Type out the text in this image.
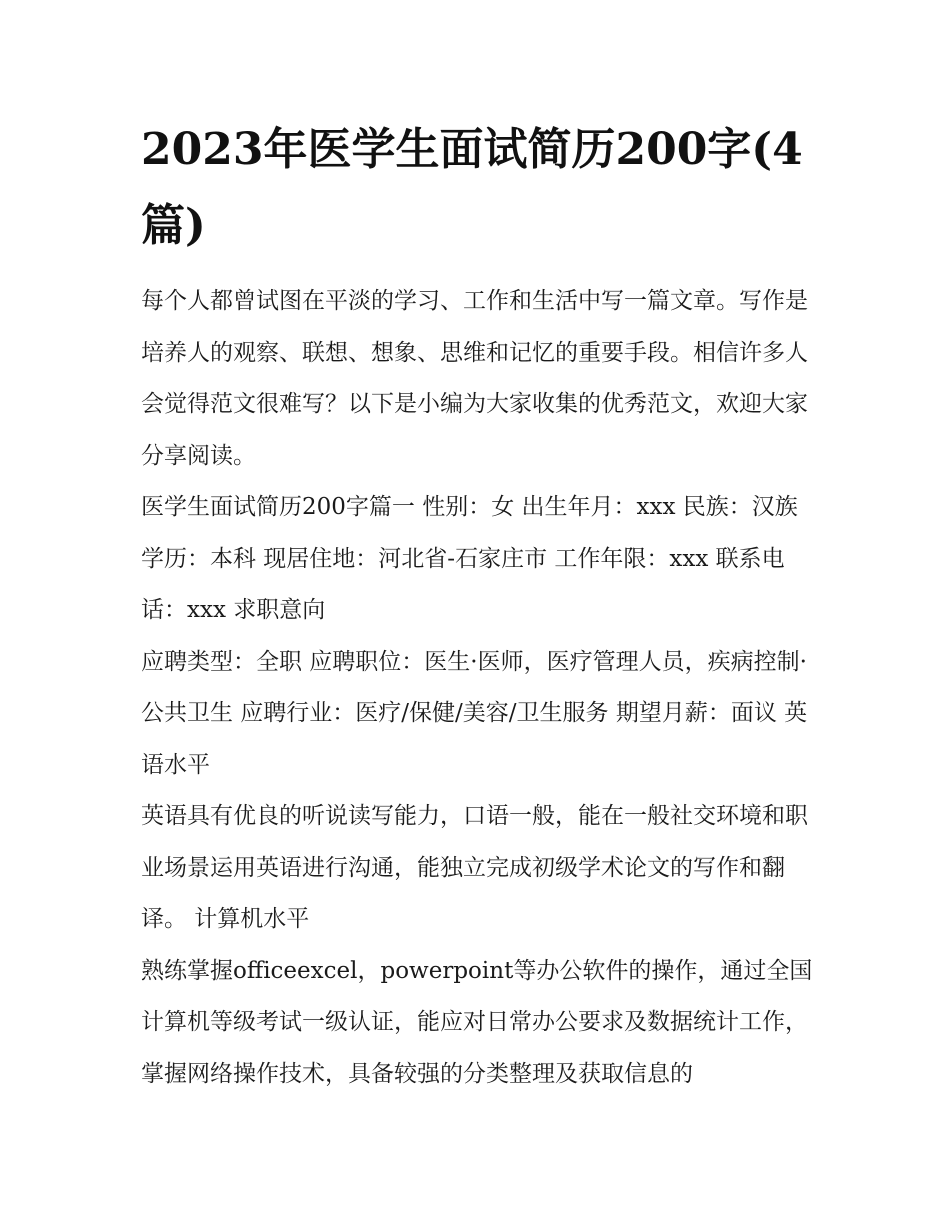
2023年医学生面试简历200字(4篇)

每个人都曾试图在平淡的学习、工作和生活中写一篇文章。写作是培养人的观察、联想、想象、思维和记忆的重要手段。相信许多人会觉得范文很难写？以下是小编为大家收集的优秀范文，欢迎大家分享阅读。

医学生面试简历200字篇一 性别：女 出生年月：xxx 民族：汉族 学历：本科 现居住地：河北省-石家庄市 工作年限：xxx 联系电话：xxx 求职意向

应聘类型：全职 应聘职位：医生·医师，医疗管理人员，疾病控制·公共卫生 应聘行业：医疗/保健/美容/卫生服务 期望月薪：面议 英语水平

英语具有优良的听说读写能力，口语一般，能在一般社交环境和职业场景运用英语进行沟通，能独立完成初级学术论文的写作和翻译。 计算机水平

熟练掌握officeexcel，powerpoint等办公软件的操作，通过全国计算机等级考试一级认证，能应对日常办公要求及数据统计工作，掌握网络操作技术，具备较强的分类整理及获取信息的
